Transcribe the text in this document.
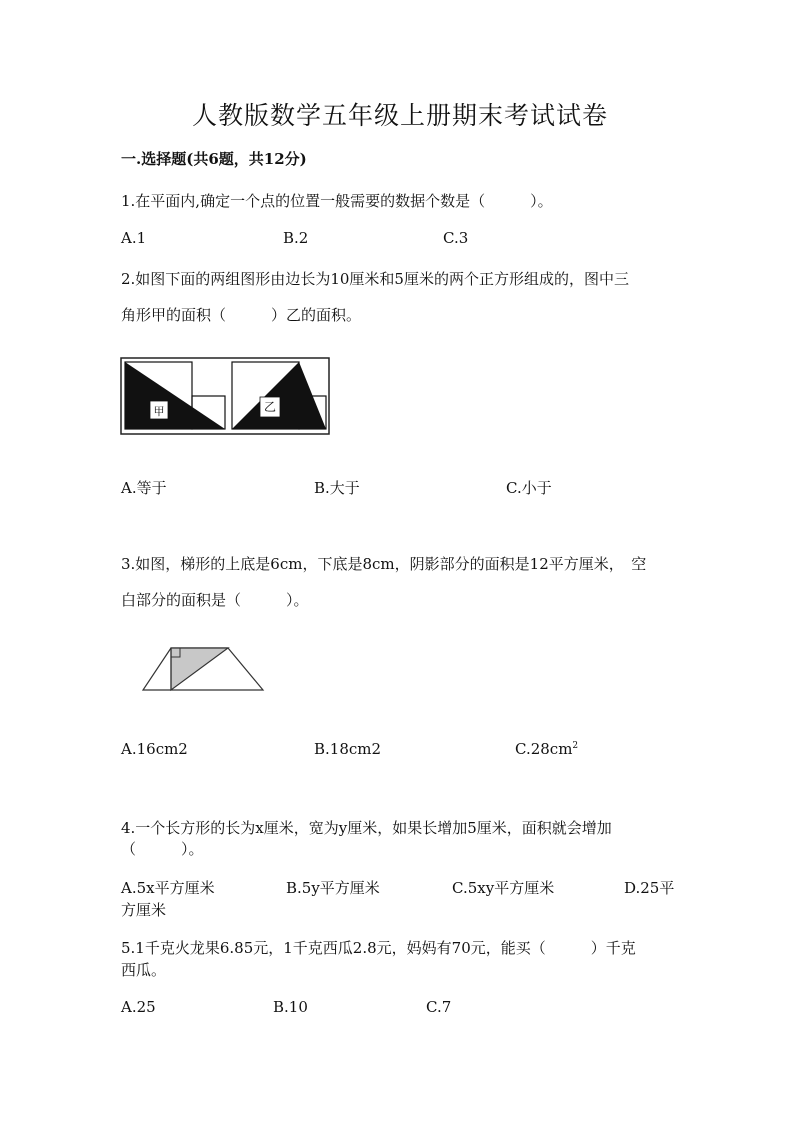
人教版数学五年级上册期末考试试卷
一.选择题(共6题，共12分)
1.在平面内,确定一个点的位置一般需要的数据个数是（　　　）。
A.1	B.2	C.3
2.如图下面的两组图形由边长为10厘米和5厘米的两个正方形组成的，图中三
角形甲的面积（　　　）乙的面积。
甲	乙
A.等于	B.大于	C.小于
3.如图，梯形的上底是6cm，下底是8cm，阴影部分的面积是12平方厘米，　空
白部分的面积是（　　　）。
A.16cm2	B.18cm2	$C.28cm^2$
4.一个长方形的长为x厘米，宽为y厘米，如果长增加5厘米，面积就会增加
（　　　）。
A.5x平方厘米	B.5y平方厘米	C.5xy平方厘米	D.25平
方厘米
5.1千克火龙果6.85元，1千克西瓜2.8元，妈妈有70元，能买（　　　）千克
西瓜。
A.25	B.10	C.7
